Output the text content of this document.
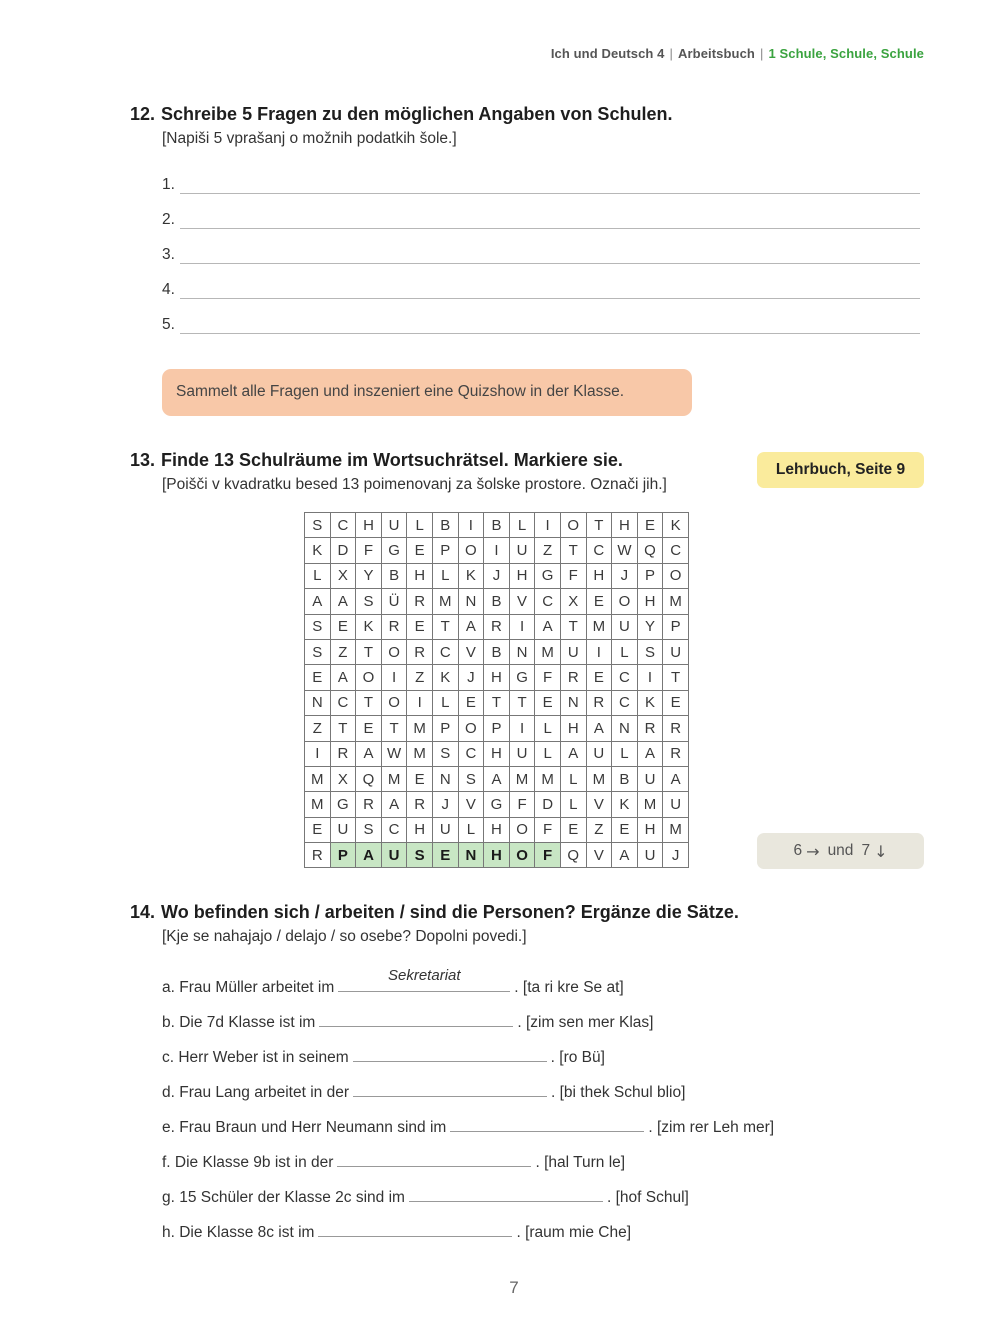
Ich und Deutsch 4 | Arbeitsbuch | 1 Schule, Schule, Schule
12. Schreibe 5 Fragen zu den möglichen Angaben von Schulen.
[Napiši 5 vprašanj o možnih podatkih šole.]
1.
2.
3.
4.
5.
Sammelt alle Fragen und inszeniert eine Quizshow in der Klasse.
13. Finde 13 Schulräume im Wortsuchrätsel. Markiere sie.
[Poišči v kvadratku besed 13 poimenovanj za šolske prostore. Označi jih.]
Lehrbuch, Seite 9
S	C	H	U	L	B	I	B	L	I	O	T	H	E	K
K	D	F	G	E	P	O	I	U	Z	T	C	W	Q	C
L	X	Y	B	H	L	K	J	H	G	F	H	J	P	O
A	A	S	Ü	R	M	N	B	V	C	X	E	O	H	M
S	E	K	R	E	T	A	R	I	A	T	M	U	Y	P
S	Z	T	O	R	C	V	B	N	M	U	I	L	S	U
E	A	O	I	Z	K	J	H	G	F	R	E	C	I	T
N	C	T	O	I	L	E	T	T	E	N	R	C	K	E
Z	T	E	T	M	P	O	P	I	L	H	A	N	R	R
I	R	A	W	M	S	C	H	U	L	A	U	L	A	R
M	X	Q	M	E	N	S	A	M	M	L	M	B	U	A
M	G	R	A	R	J	V	G	F	D	L	V	K	M	U
E	U	S	C	H	U	L	H	O	F	E	Z	E	H	M
R	P	A	U	S	E	N	H	O	F	Q	V	A	U	J	6 → und 7 ↓
14. Wo befinden sich / arbeiten / sind die Personen? Ergänze die Sätze.
[Kje se nahajajo / delajo / so osebe? Dopolni povedi.]
a. Frau Müller arbeitet im
Sekretariat
. [ta ri kre Se at]
b. Die 7d Klasse ist im	. [zim sen mer Klas]
c. Herr Weber ist in seinem	. [ro Bü]
d. Frau Lang arbeitet in der	. [bi thek Schul blio]
e. Frau Braun und Herr Neumann sind im	. [zim rer Leh mer]
f. Die Klasse 9b ist in der	. [hal Turn le]
g. 15 Schüler der Klasse 2c sind im	. [hof Schul]
h. Die Klasse 8c ist im	. [raum mie Che]
7
